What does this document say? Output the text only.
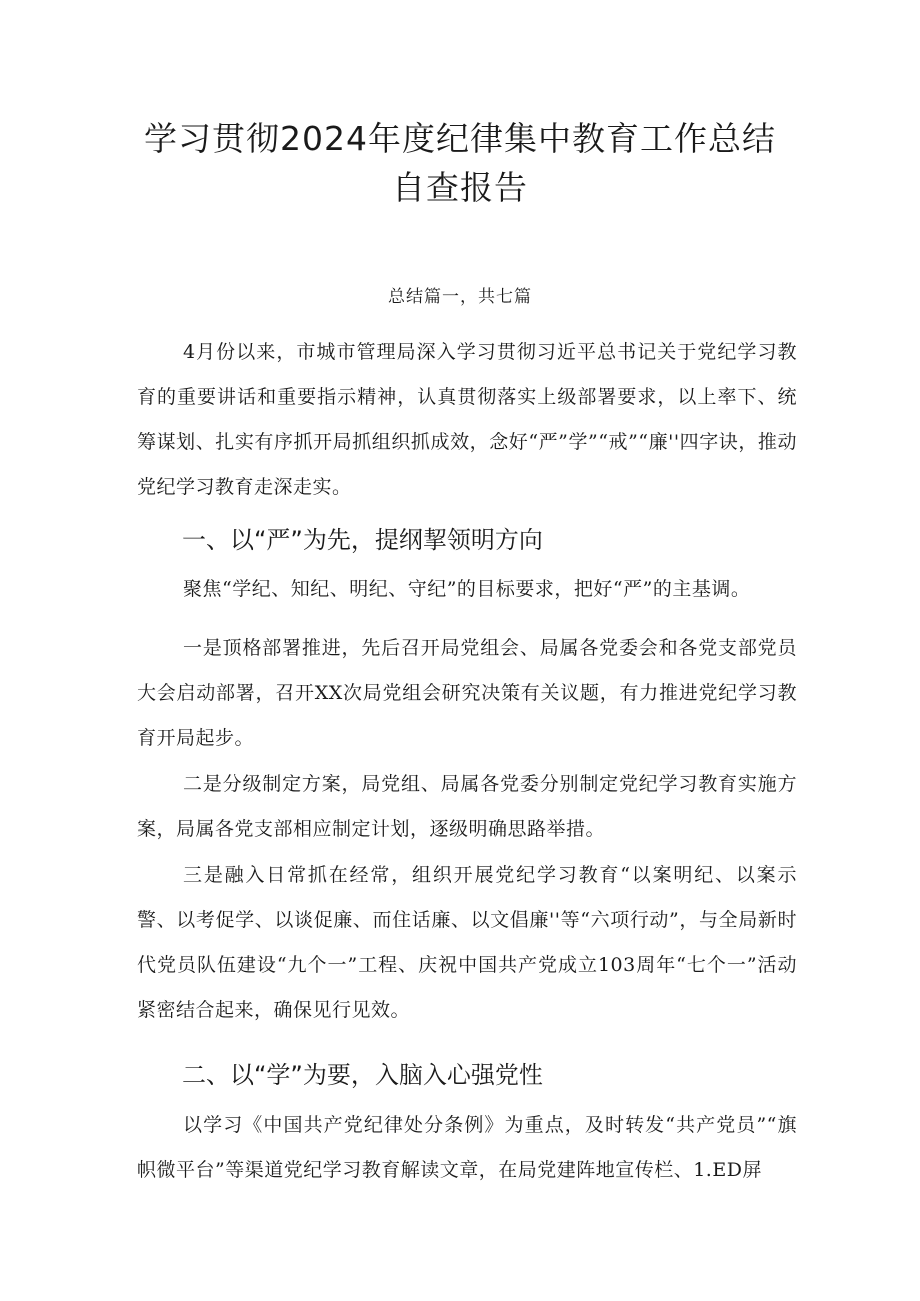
学习贯彻2024年度纪律集中教育工作总结
自查报告
总结篇一，共七篇

4月份以来，市城市管理局深入学习贯彻习近平总书记关于党纪学习教育的重要讲话和重要指示精神，认真贯彻落实上级部署要求，以上率下、统筹谋划、扎实有序抓开局抓组织抓成效，念好“严”学”“戒”“廉''四字诀，推动党纪学习教育走深走实。

一、以“严”为先，提纲挈领明方向

聚焦“学纪、知纪、明纪、守纪”的目标要求，把好“严”的主基调。

一是顶格部署推进，先后召开局党组会、局属各党委会和各党支部党员大会启动部署，召开XX次局党组会研究决策有关议题，有力推进党纪学习教育开局起步。

二是分级制定方案，局党组、局属各党委分别制定党纪学习教育实施方案，局属各党支部相应制定计划，逐级明确思路举措。

三是融入日常抓在经常，组织开展党纪学习教育“以案明纪、以案示警、以考促学、以谈促廉、而住话廉、以文倡廉''等“六项行动”，与全局新时代党员队伍建设“九个一”工程、庆祝中国共产党成立103周年“七个一”活动紧密结合起来，确保见行见效。

二、以“学”为要，入脑入心强党性

以学习《中国共产党纪律处分条例》为重点，及时转发“共产党员”“旗帜微平台”等渠道党纪学习教育解读文章，在局党建阵地宣传栏、1.ED屏
